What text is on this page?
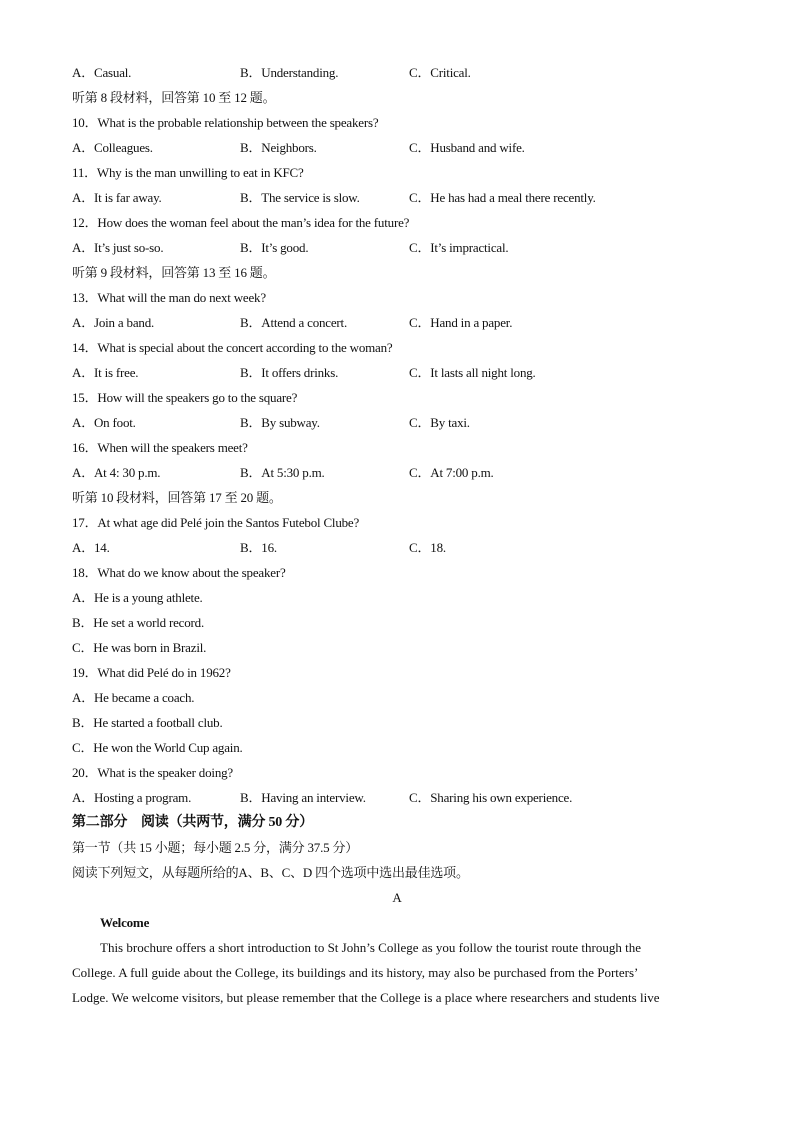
A．Casual.	B．Understanding.	C．Critical.
听第 8 段材料，回答第 10 至 12 题。
10．What is the probable relationship between the speakers?
A．Colleagues.	B．Neighbors.	C．Husband and wife.
11．Why is the man unwilling to eat in KFC?
A．It is far away.	B．The service is slow.	C．He has had a meal there recently.
12．How does the woman feel about the man’s idea for the future?
A．It’s just so-so.	B．It’s good.	C．It’s impractical.
听第 9 段材料，回答第 13 至 16 题。
13．What will the man do next week?
A．Join a band.	B．Attend a concert.	C．Hand in a paper.
14．What is special about the concert according to the woman?
A．It is free.	B．It offers drinks.	C．It lasts all night long.
15．How will the speakers go to the square?
A．On foot.	B．By subway.	C．By taxi.
16．When will the speakers meet?
A．At 4: 30 p.m.	B．At 5:30 p.m.	C．At 7:00 p.m.
听第 10 段材料，回答第 17 至 20 题。
17．At what age did Pelé join the Santos Futebol Clube?
A．14.	B．16.	C．18.
18．What do we know about the speaker?
A．He is a young athlete.
B．He set a world record.
C．He was born in Brazil.
19．What did Pelé do in 1962?
A．He became a coach.
B．He started a football club.
C．He won the World Cup again.
20．What is the speaker doing?
A．Hosting a program.	B．Having an interview.	C．Sharing his own experience.
第二部分　阅读（共两节，满分 50 分）
第一节（共 15 小题；每小题 2.5 分，满分 37.5 分）
阅读下列短文，从每题所给的A、B、C、D 四个选项中选出最佳选项。
A
Welcome
This brochure offers a short introduction to St John’s College as you follow the tourist route through the
College. A full guide about the College, its buildings and its history, may also be purchased from the Porters’
Lodge. We welcome visitors, but please remember that the College is a place where researchers and students live
